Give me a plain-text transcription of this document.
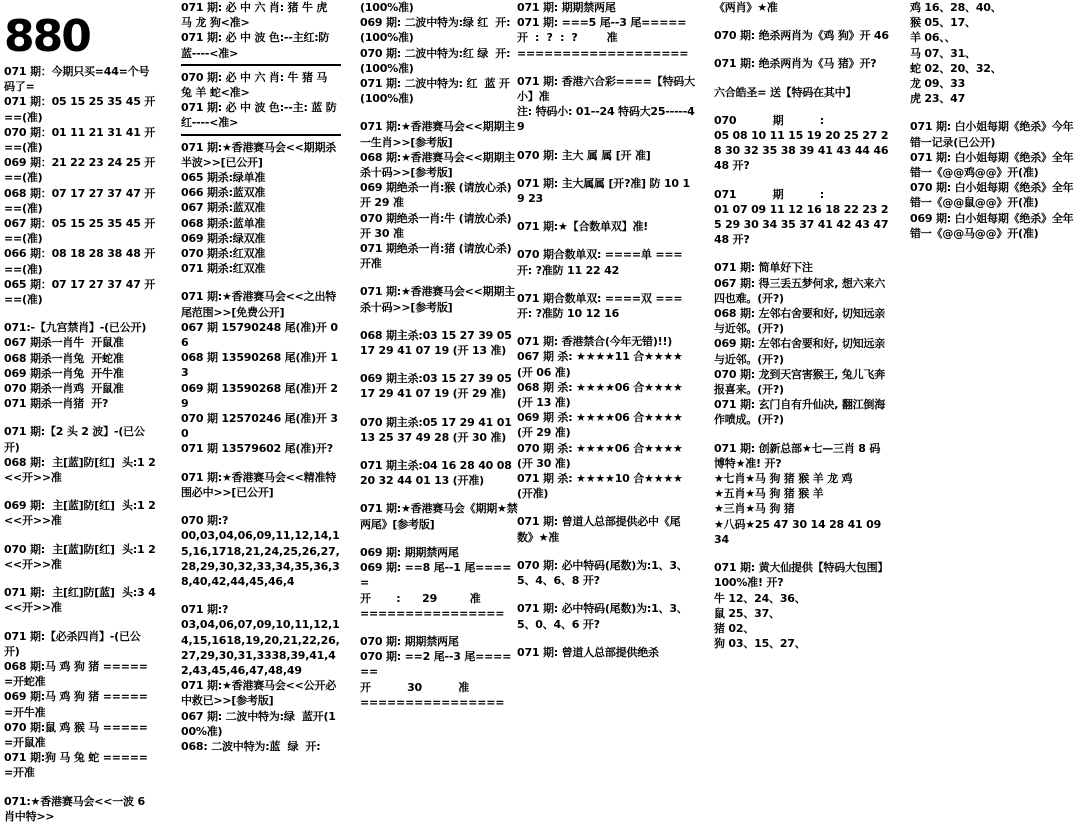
880
071 期：今期只买=44=个号码了=
071 期：05 15 25 35 45 开==(准)
070 期：01 11 21 31 41 开==(准)
069 期：21 22 23 24 25 开==(准)
068 期：07 17 27 37 47 开==(准)
067 期：05 15 25 35 45 开==(准)
066 期：08 18 28 38 48 开==(准)
065 期：07 17 27 37 47 开==(准)
071:-【九宫禁肖】-(已公开)
067 期杀一肖牛  开鼠准
068 期杀一肖兔  开蛇准
069 期杀一肖兔  开牛准
070 期杀一肖鸡  开鼠准
071 期杀一肖猪  开?
071 期:【2 头 2 波】-(已公开)
068 期:  主[蓝]防[红]  头:1 2<<开>>准
069 期:  主[蓝]防[红]  头:1 2<<开>>准
070 期:  主[蓝]防[红]  头:1 2<<开>>准
071 期:  主[红]防[蓝]  头:3 4<<开>>准
071 期:【必杀四肖】-(已公开)
068 期:马 鸡 狗 猪 ======开蛇准
069 期:马 鸡 狗 猪 ======开牛准
070 期:鼠 鸡 猴 马 ======开鼠准
071 期:狗 马 兔 蛇 ======开准
071:★香港赛马会<<一波 6 肖中特>>
071 期: 必 中 六 肖: 猪 牛 虎 马 龙 狗<准>
071 期: 必 中 波 色:--主红:防蓝----<准>
070 期: 必 中 六 肖: 牛 猪 马 兔 羊 蛇<准>
071 期: 必 中 波 色:--主: 蓝 防红----<准>
071 期:★香港赛马会<<期期杀半波>>[已公开]
065 期杀:绿单准
066 期杀:蓝双准
067 期杀:蓝双准
068 期杀:蓝单准
069 期杀:绿双准
070 期杀:红双准
071 期杀:红双准
071 期:★香港赛马会<<之出特尾范围>>[免费公开]
067 期 15790248 尾(准)开 06
068 期 13590268 尾(准)开 13
069 期 13590268 尾(准)开 29
070 期 12570246 尾(准)开 30
071 期 13579602 尾(准)开?
071 期:★香港赛马会<<精准特围必中>>[已公开]
070 期:?
00,03,04,06,09,11,12,14,15,16,1718,21,24,25,26,27,28,29,30,32,33,34,35,36,38,40,42,44,45,46,4
071 期:?
03,04,06,07,09,10,11,12,14,15,1618,19,20,21,22,26,27,29,30,31,3338,39,41,42,43,45,46,47,48,49
071 期:★香港赛马会<<公开必中救已>>[参考版]
067 期: 二波中特为:绿  蓝开(100%准)
068: 二波中特为:蓝  绿  开:
(100%准)
069 期: 二波中特为:绿 红  开:(100%准)
070 期: 二波中特为:红 绿  开:(100%准)
071 期: 二波中特为: 红  蓝 开(100%准)
071 期:★香港赛马会<<期期主一生肖>>[参考版]
068 期:★香港赛马会<<期期主杀十码>>[参考版]
069 期绝杀一肖:猴 (请放心杀) 开 29 准
070 期绝杀一肖:牛 (请放心杀) 开 30 准
071 期绝杀一肖:猪 (请放心杀) 开准
071 期:★香港赛马会<<期期主杀十码>>[参考版]
068 期主杀:03 15 27 39 05 17 29 41 07 19 (开 13 准)
069 期主杀:03 15 27 39 05 17 29 41 07 19 (开 29 准)
070 期主杀:05 17 29 41 01 13 25 37 49 28 (开 30 准)
071 期主杀:04 16 28 40 08 20 32 44 01 13 (开准)
071 期:★香港赛马会《期期★禁两尾》[参考版]
069 期: 期期禁两尾
069 期: ==8 尾--1 尾=====
开       :      29         准
================
070 期: 期期禁两尾
070 期: ==2 尾--3 尾======
开          30          准
================
071 期: 期期禁两尾
071 期: ===5 尾--3 尾=====
开  :  ?  :  ?        准
===================
071 期: 香港六合彩====【特码大小】准
注: 特码小: 01--24 特码大25-----49
070 期: 主大 属 属 [开 准]
071 期: 主大属属 [开?准] 防 10 19 23
071 期:★【合数单双】准!
070 期合数单双: ====单 === 开: ?准防 11 22 42
071 期合数单双: ====双 === 开: ?准防 10 12 16
071 期: 香港禁合(今年无错)!!)
067 期 杀: ★★★★11 合★★★★(开 06 准)
068 期 杀: ★★★★06 合★★★★(开 13 准)
069 期 杀: ★★★★06 合★★★★(开 29 准)
070 期 杀: ★★★★06 合★★★★(开 30 准)
071 期 杀: ★★★★10 合★★★★(开准)
071 期: 曾道人总部提供必中《尾数》★准
070 期: 必中特码(尾数)为:1、3、5、4、6、8 开?
071 期: 必中特码(尾数)为:1、3、5、0、4、6 开?
071 期: 曾道人总部提供绝杀
《两肖》★准
070 期: 绝杀两肖为《鸡 狗》开 46
071 期: 绝杀两肖为《马 猪》开?
六合皓圣= 送【特码在其中】
070          期          :
05 08 10 11 15 19 20 25 27 28 30 32 35 38 39 41 43 44 46 48 开?
071          期          :
01 07 09 11 12 16 18 22 23 25 29 30 34 35 37 41 42 43 47 48 开?
071 期: 简单好下注
067 期: 得三丢五梦何求, 想六来六四也难。(开?)
068 期: 左邻右舍要和好, 切知远亲与近邻。(开?)
069 期: 左邻右舍要和好, 切知远亲与近邻。(开?)
070 期: 龙到天宫害猴王, 兔儿飞奔报喜来。(开?)
071 期: 玄门自有升仙决, 翻江倒海作喷成。(开?)
071 期: 创新总部★七—三肖 8 码博特★准! 开?
★七肖★马 狗 猪 猴 羊 龙 鸡
★五肖★马 狗 猪 猴 羊
★三肖★马 狗 猪
★八码★25 47 30 14 28 41 09 34
071 期: 黄大仙提供【特码大包围】100%准! 开?
牛 12、24、36、
鼠 25、37、
猪 02、
狗 03、15、27、
鸡 16、28、40、
猴 05、17、
羊 06、、
马 07、31、
蛇 02、20、32、
龙 09、33
虎 23、47
071 期: 白小姐每期《绝杀》今年错一记录(已公开)
071 期: 白小姐每期《绝杀》全年错一《@@鸡@@》开(准)
070 期: 白小姐每期《绝杀》全年错一《@@鼠@@》开(准)
069 期: 白小姐每期《绝杀》全年错一《@@马@@》开(准)
